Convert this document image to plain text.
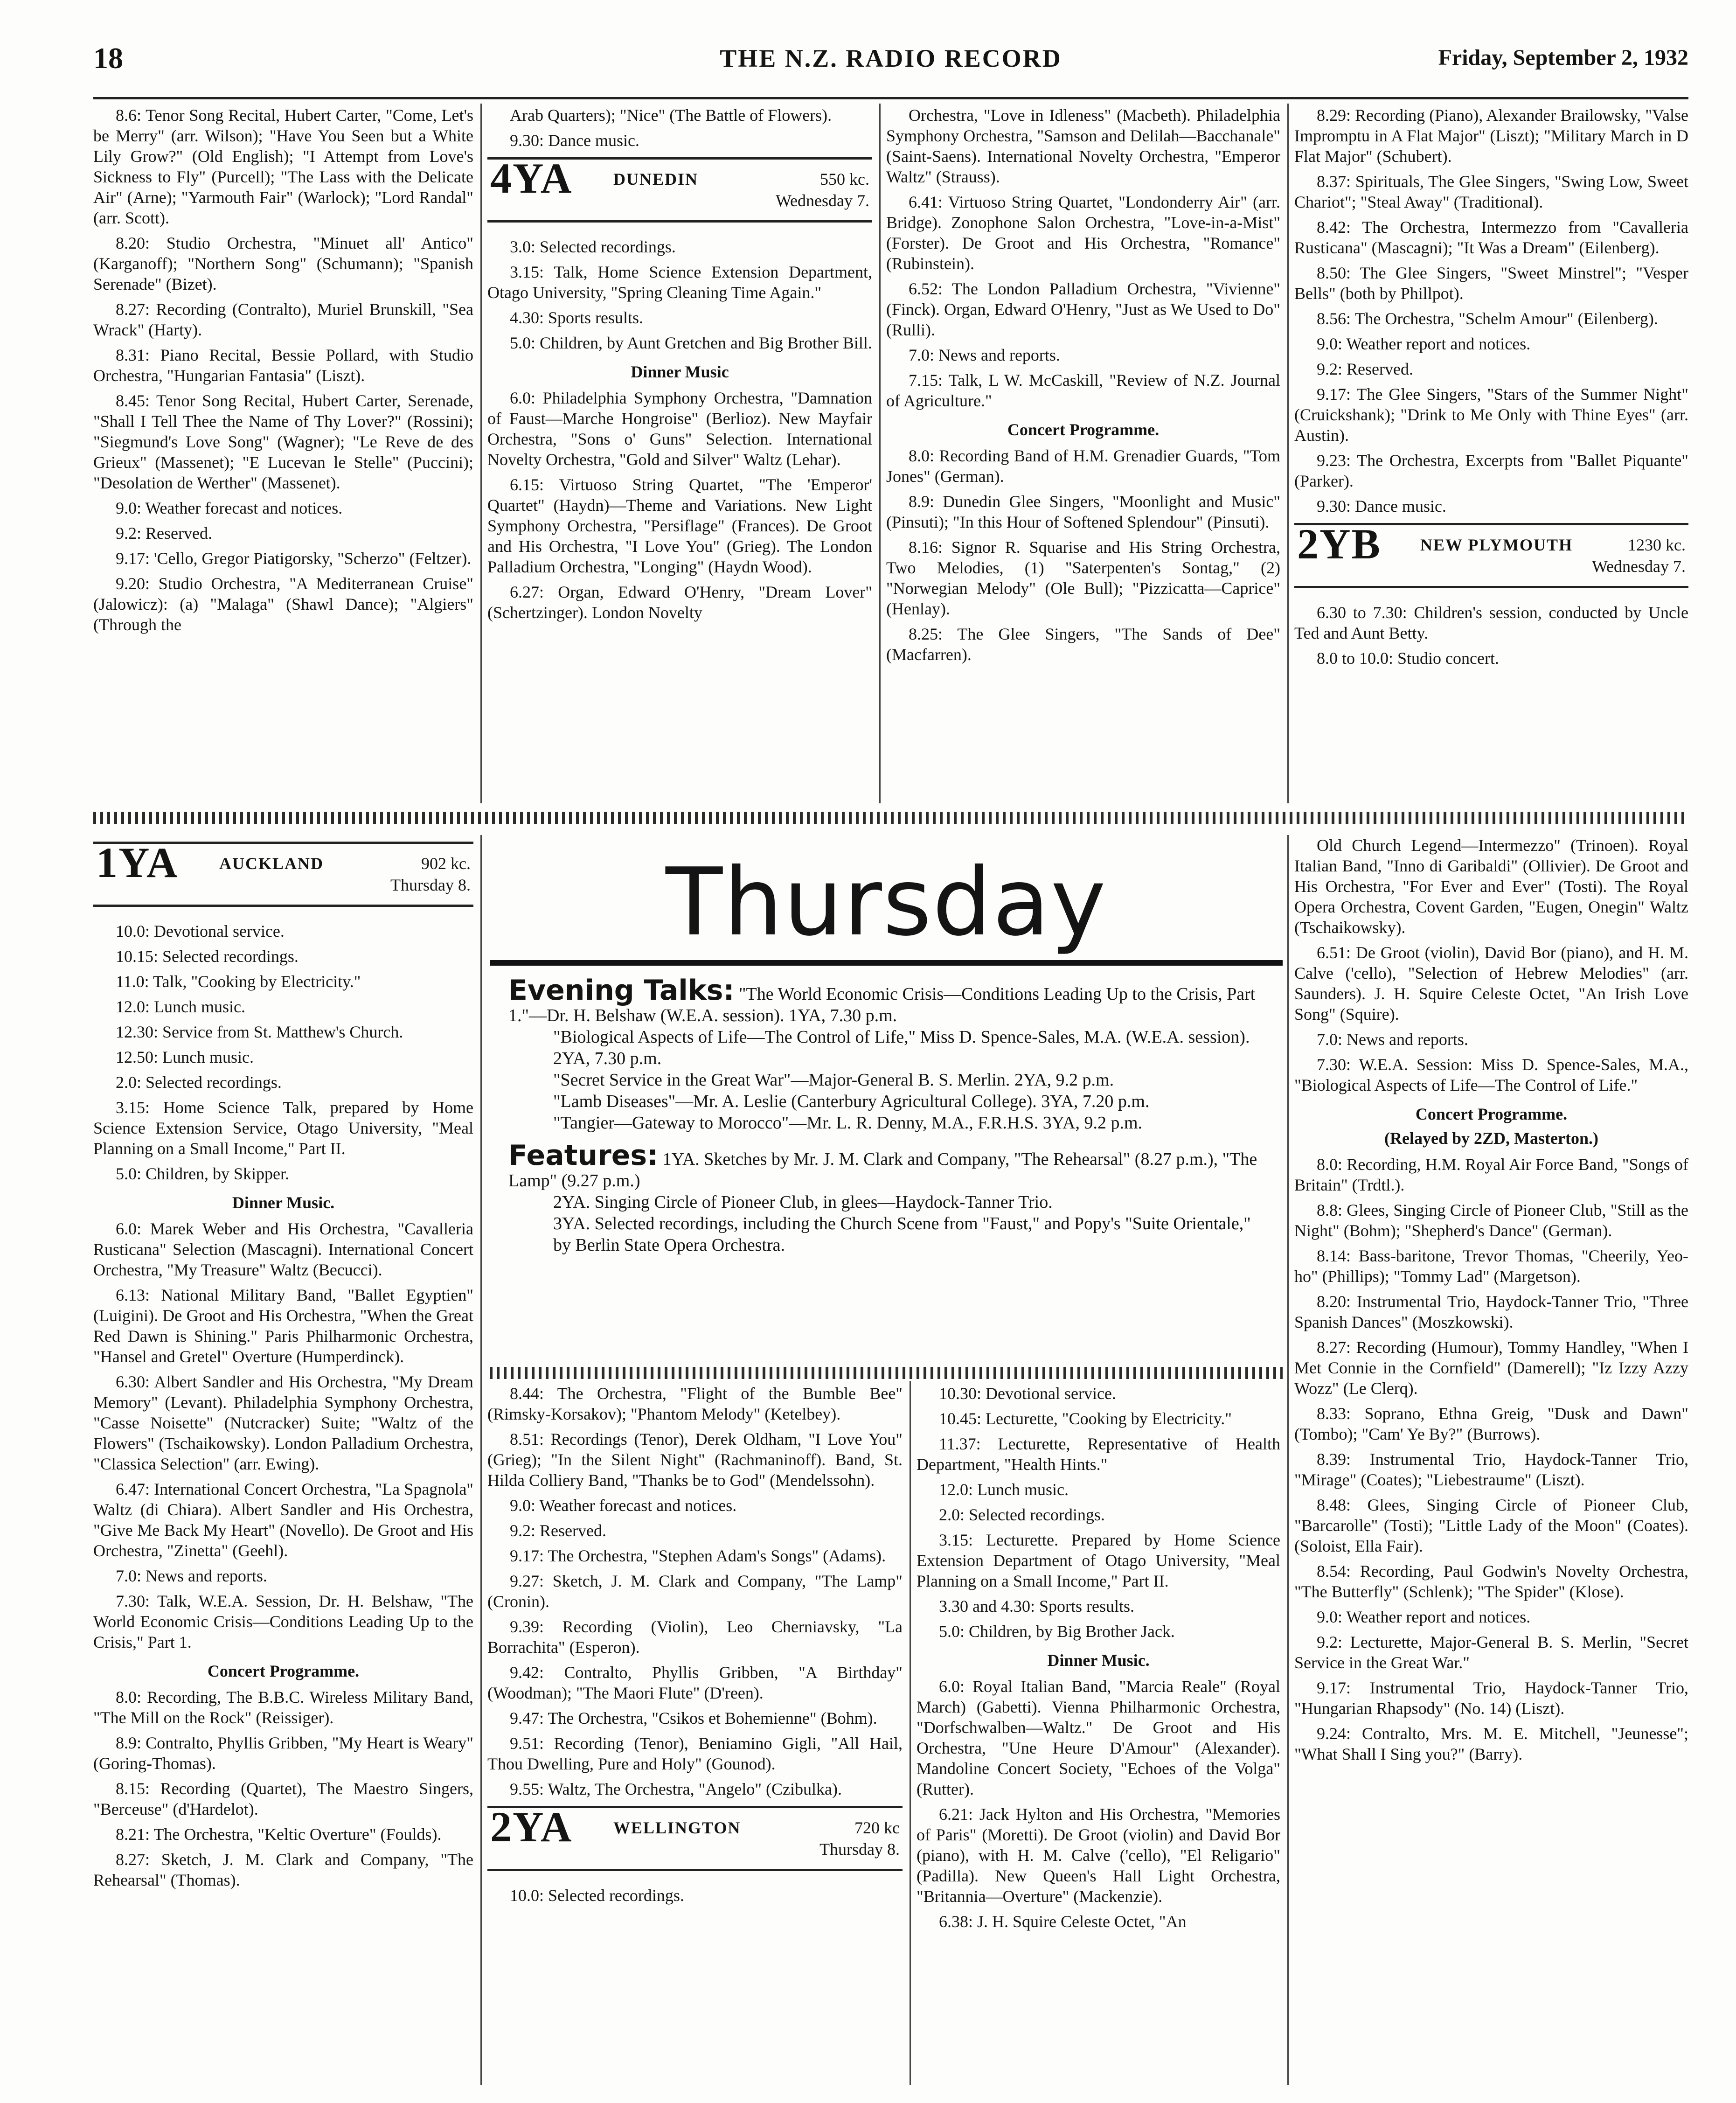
18	THE N.Z. RADIO RECORD	Friday, September 2, 1932

8.6: Tenor Song Recital, Hubert Carter, "Come, Let's be Merry" (arr. Wilson); "Have You Seen but a White Lily Grow?" (Old English); "I Attempt from Love's Sickness to Fly" (Purcell); "The Lass with the Delicate Air" (Arne); "Yarmouth Fair" (Warlock); "Lord Randal" (arr. Scott).

8.20: Studio Orchestra, "Minuet all' Antico" (Karganoff); "Northern Song" (Schumann); "Spanish Serenade" (Bizet).

8.27: Recording (Contralto), Muriel Brunskill, "Sea Wrack" (Harty).

8.31: Piano Recital, Bessie Pollard, with Studio Orchestra, "Hungarian Fantasia" (Liszt).

8.45: Tenor Song Recital, Hubert Carter, Serenade, "Shall I Tell Thee the Name of Thy Lover?" (Rossini); "Siegmund's Love Song" (Wagner); "Le Reve de des Grieux" (Massenet); "E Lucevan le Stelle" (Puccini); "Desolation de Werther" (Massenet).

9.0: Weather forecast and notices.

9.2: Reserved.

9.17: 'Cello, Gregor Piatigorsky, "Scherzo" (Feltzer).

9.20: Studio Orchestra, "A Mediterranean Cruise" (Jalowicz): (a) "Malaga" (Shawl Dance); "Algiers" (Through the

Arab Quarters); "Nice" (The Battle of Flowers).

9.30: Dance music.

4YA DUNEDIN	550 kc.
Wednesday 7.

3.0: Selected recordings.

3.15: Talk, Home Science Extension Department, Otago University, "Spring Cleaning Time Again."

4.30: Sports results.

5.0: Children, by Aunt Gretchen and Big Brother Bill.

Dinner Music

6.0: Philadelphia Symphony Orchestra, "Damnation of Faust—Marche Hongroise" (Berlioz). New Mayfair Orchestra, "Sons o' Guns" Selection. International Novelty Orchestra, "Gold and Silver" Waltz (Lehar).

6.15: Virtuoso String Quartet, "The 'Emperor' Quartet" (Haydn)—Theme and Variations. New Light Symphony Orchestra, "Persiflage" (Frances). De Groot and His Orchestra, "I Love You" (Grieg). The London Palladium Orchestra, "Longing" (Haydn Wood).

6.27: Organ, Edward O'Henry, "Dream Lover" (Schertzinger). London Novelty

Orchestra, "Love in Idleness" (Macbeth). Philadelphia Symphony Orchestra, "Samson and Delilah—Bacchanale" (Saint-Saens). International Novelty Orchestra, "Emperor Waltz" (Strauss).

6.41: Virtuoso String Quartet, "Londonderry Air" (arr. Bridge). Zonophone Salon Orchestra, "Love-in-a-Mist" (Forster). De Groot and His Orchestra, "Romance" (Rubinstein).

6.52: The London Palladium Orchestra, "Vivienne" (Finck). Organ, Edward O'Henry, "Just as We Used to Do" (Rulli).

7.0: News and reports.

7.15: Talk, L W. McCaskill, "Review of N.Z. Journal of Agriculture."

Concert Programme.

8.0: Recording Band of H.M. Grenadier Guards, "Tom Jones" (German).

8.9: Dunedin Glee Singers, "Moonlight and Music" (Pinsuti); "In this Hour of Softened Splendour" (Pinsuti).

8.16: Signor R. Squarise and His String Orchestra, Two Melodies, (1) "Saterpenten's Sontag," (2) "Norwegian Melody" (Ole Bull); "Pizzicatta—Caprice" (Henlay).

8.25: The Glee Singers, "The Sands of Dee" (Macfarren).

8.29: Recording (Piano), Alexander Brailowsky, "Valse Impromptu in A Flat Major" (Liszt); "Military March in D Flat Major" (Schubert).

8.37: Spirituals, The Glee Singers, "Swing Low, Sweet Chariot"; "Steal Away" (Traditional).

8.42: The Orchestra, Intermezzo from "Cavalleria Rusticana" (Mascagni); "It Was a Dream" (Eilenberg).

8.50: The Glee Singers, "Sweet Minstrel"; "Vesper Bells" (both by Phillpot).

8.56: The Orchestra, "Schelm Amour" (Eilenberg).

9.0: Weather report and notices.

9.2: Reserved.

9.17: The Glee Singers, "Stars of the Summer Night" (Cruickshank); "Drink to Me Only with Thine Eyes" (arr. Austin).

9.23: The Orchestra, Excerpts from "Ballet Piquante" (Parker).

9.30: Dance music.

2YB NEW PLYMOUTH	1230 kc.
Wednesday 7.

6.30 to 7.30: Children's session, conducted by Uncle Ted and Aunt Betty.

8.0 to 10.0: Studio concert.

1YA AUCKLAND	902 kc.
Thursday 8.

10.0: Devotional service.

10.15: Selected recordings.

11.0: Talk, "Cooking by Electricity."

12.0: Lunch music.

12.30: Service from St. Matthew's Church.

12.50: Lunch music.

2.0: Selected recordings.

3.15: Home Science Talk, prepared by Home Science Extension Service, Otago University, "Meal Planning on a Small Income," Part II.

5.0: Children, by Skipper.

Dinner Music.

6.0: Marek Weber and His Orchestra, "Cavalleria Rusticana" Selection (Mascagni). International Concert Orchestra, "My Treasure" Waltz (Becucci).

6.13: National Military Band, "Ballet Egyptien" (Luigini). De Groot and His Orchestra, "When the Great Red Dawn is Shining." Paris Philharmonic Orchestra, "Hansel and Gretel" Overture (Humperdinck).

6.30: Albert Sandler and His Orchestra, "My Dream Memory" (Levant). Philadelphia Symphony Orchestra, "Casse Noisette" (Nutcracker) Suite; "Waltz of the Flowers" (Tschaikowsky). London Palladium Orchestra, "Classica Selection" (arr. Ewing).

6.47: International Concert Orchestra, "La Spagnola" Waltz (di Chiara). Albert Sandler and His Orchestra, "Give Me Back My Heart" (Novello). De Groot and His Orchestra, "Zinetta" (Geehl).

7.0: News and reports.

7.30: Talk, W.E.A. Session, Dr. H. Belshaw, "The World Economic Crisis—Conditions Leading Up to the Crisis," Part 1.

Concert Programme.

8.0: Recording, The B.B.C. Wireless Military Band, "The Mill on the Rock" (Reissiger).

8.9: Contralto, Phyllis Gribben, "My Heart is Weary" (Goring-Thomas).

8.15: Recording (Quartet), The Maestro Singers, "Berceuse" (d'Hardelot).

8.21: The Orchestra, "Keltic Overture" (Foulds).

8.27: Sketch, J. M. Clark and Company, "The Rehearsal" (Thomas).

Thursday

Evening Talks: "The World Economic Crisis—Conditions Leading Up to the Crisis, Part 1."—Dr. H. Belshaw (W.E.A. session). 1YA, 7.30 p.m.

"Biological Aspects of Life—The Control of Life," Miss D. Spence-Sales, M.A. (W.E.A. session). 2YA, 7.30 p.m.

"Secret Service in the Great War"—Major-General B. S. Merlin. 2YA, 9.2 p.m.

"Lamb Diseases"—Mr. A. Leslie (Canterbury Agricultural College). 3YA, 7.20 p.m.

"Tangier—Gateway to Morocco"—Mr. L. R. Denny, M.A., F.R.H.S. 3YA, 9.2 p.m.

Features: 1YA. Sketches by Mr. J. M. Clark and Company, "The Rehearsal" (8.27 p.m.), "The Lamp" (9.27 p.m.)

2YA. Singing Circle of Pioneer Club, in glees—Haydock-Tanner Trio.

3YA. Selected recordings, including the Church Scene from "Faust," and Popy's "Suite Orientale," by Berlin State Opera Orchestra.

8.44: The Orchestra, "Flight of the Bumble Bee" (Rimsky-Korsakov); "Phantom Melody" (Ketelbey).

8.51: Recordings (Tenor), Derek Oldham, "I Love You" (Grieg); "In the Silent Night" (Rachmaninoff). Band, St. Hilda Colliery Band, "Thanks be to God" (Mendelssohn).

9.0: Weather forecast and notices.

9.2: Reserved.

9.17: The Orchestra, "Stephen Adam's Songs" (Adams).

9.27: Sketch, J. M. Clark and Company, "The Lamp" (Cronin).

9.39: Recording (Violin), Leo Cherniavsky, "La Borrachita" (Esperon).

9.42: Contralto, Phyllis Gribben, "A Birthday" (Woodman); "The Maori Flute" (D'reen).

9.47: The Orchestra, "Csikos et Bohemienne" (Bohm).

9.51: Recording (Tenor), Beniamino Gigli, "All Hail, Thou Dwelling, Pure and Holy" (Gounod).

9.55: Waltz, The Orchestra, "Angelo" (Czibulka).

2YA WELLINGTON	720 kc
Thursday 8.

10.0: Selected recordings.

10.30: Devotional service.

10.45: Lecturette, "Cooking by Electricity."

11.37: Lecturette, Representative of Health Department, "Health Hints."

12.0: Lunch music.

2.0: Selected recordings.

3.15: Lecturette. Prepared by Home Science Extension Department of Otago University, "Meal Planning on a Small Income," Part II.

3.30 and 4.30: Sports results.

5.0: Children, by Big Brother Jack.

Dinner Music.

6.0: Royal Italian Band, "Marcia Reale" (Royal March) (Gabetti). Vienna Philharmonic Orchestra, "Dorfschwalben—Waltz." De Groot and His Orchestra, "Une Heure D'Amour" (Alexander). Mandoline Concert Society, "Echoes of the Volga" (Rutter).

6.21: Jack Hylton and His Orchestra, "Memories of Paris" (Moretti). De Groot (violin) and David Bor (piano), with H. M. Calve ('cello), "El Religario" (Padilla). New Queen's Hall Light Orchestra, "Britannia—Overture" (Mackenzie).

6.38: J. H. Squire Celeste Octet, "An

Old Church Legend—Intermezzo" (Trinoen). Royal Italian Band, "Inno di Garibaldi" (Ollivier). De Groot and His Orchestra, "For Ever and Ever" (Tosti). The Royal Opera Orchestra, Covent Garden, "Eugen, Onegin" Waltz (Tschaikowsky).

6.51: De Groot (violin), David Bor (piano), and H. M. Calve ('cello), "Selection of Hebrew Melodies" (arr. Saunders). J. H. Squire Celeste Octet, "An Irish Love Song" (Squire).

7.0: News and reports.

7.30: W.E.A. Session: Miss D. Spence-Sales, M.A., "Biological Aspects of Life—The Control of Life."

Concert Programme.

(Relayed by 2ZD, Masterton.)

8.0: Recording, H.M. Royal Air Force Band, "Songs of Britain" (Trdtl.).

8.8: Glees, Singing Circle of Pioneer Club, "Still as the Night" (Bohm); "Shepherd's Dance" (German).

8.14: Bass-baritone, Trevor Thomas, "Cheerily, Yeo-ho" (Phillips); "Tommy Lad" (Margetson).

8.20: Instrumental Trio, Haydock-Tanner Trio, "Three Spanish Dances" (Moszkowski).

8.27: Recording (Humour), Tommy Handley, "When I Met Connie in the Cornfield" (Damerell); "Iz Izzy Azzy Wozz" (Le Clerq).

8.33: Soprano, Ethna Greig, "Dusk and Dawn" (Tombo); "Cam' Ye By?" (Burrows).

8.39: Instrumental Trio, Haydock-Tanner Trio, "Mirage" (Coates); "Liebestraume" (Liszt).

8.48: Glees, Singing Circle of Pioneer Club, "Barcarolle" (Tosti); "Little Lady of the Moon" (Coates). (Soloist, Ella Fair).

8.54: Recording, Paul Godwin's Novelty Orchestra, "The Butterfly" (Schlenk); "The Spider" (Klose).

9.0: Weather report and notices.

9.2: Lecturette, Major-General B. S. Merlin, "Secret Service in the Great War."

9.17: Instrumental Trio, Haydock-Tanner Trio, "Hungarian Rhapsody" (No. 14) (Liszt).

9.24: Contralto, Mrs. M. E. Mitchell, "Jeunesse"; "What Shall I Sing you?" (Barry).
